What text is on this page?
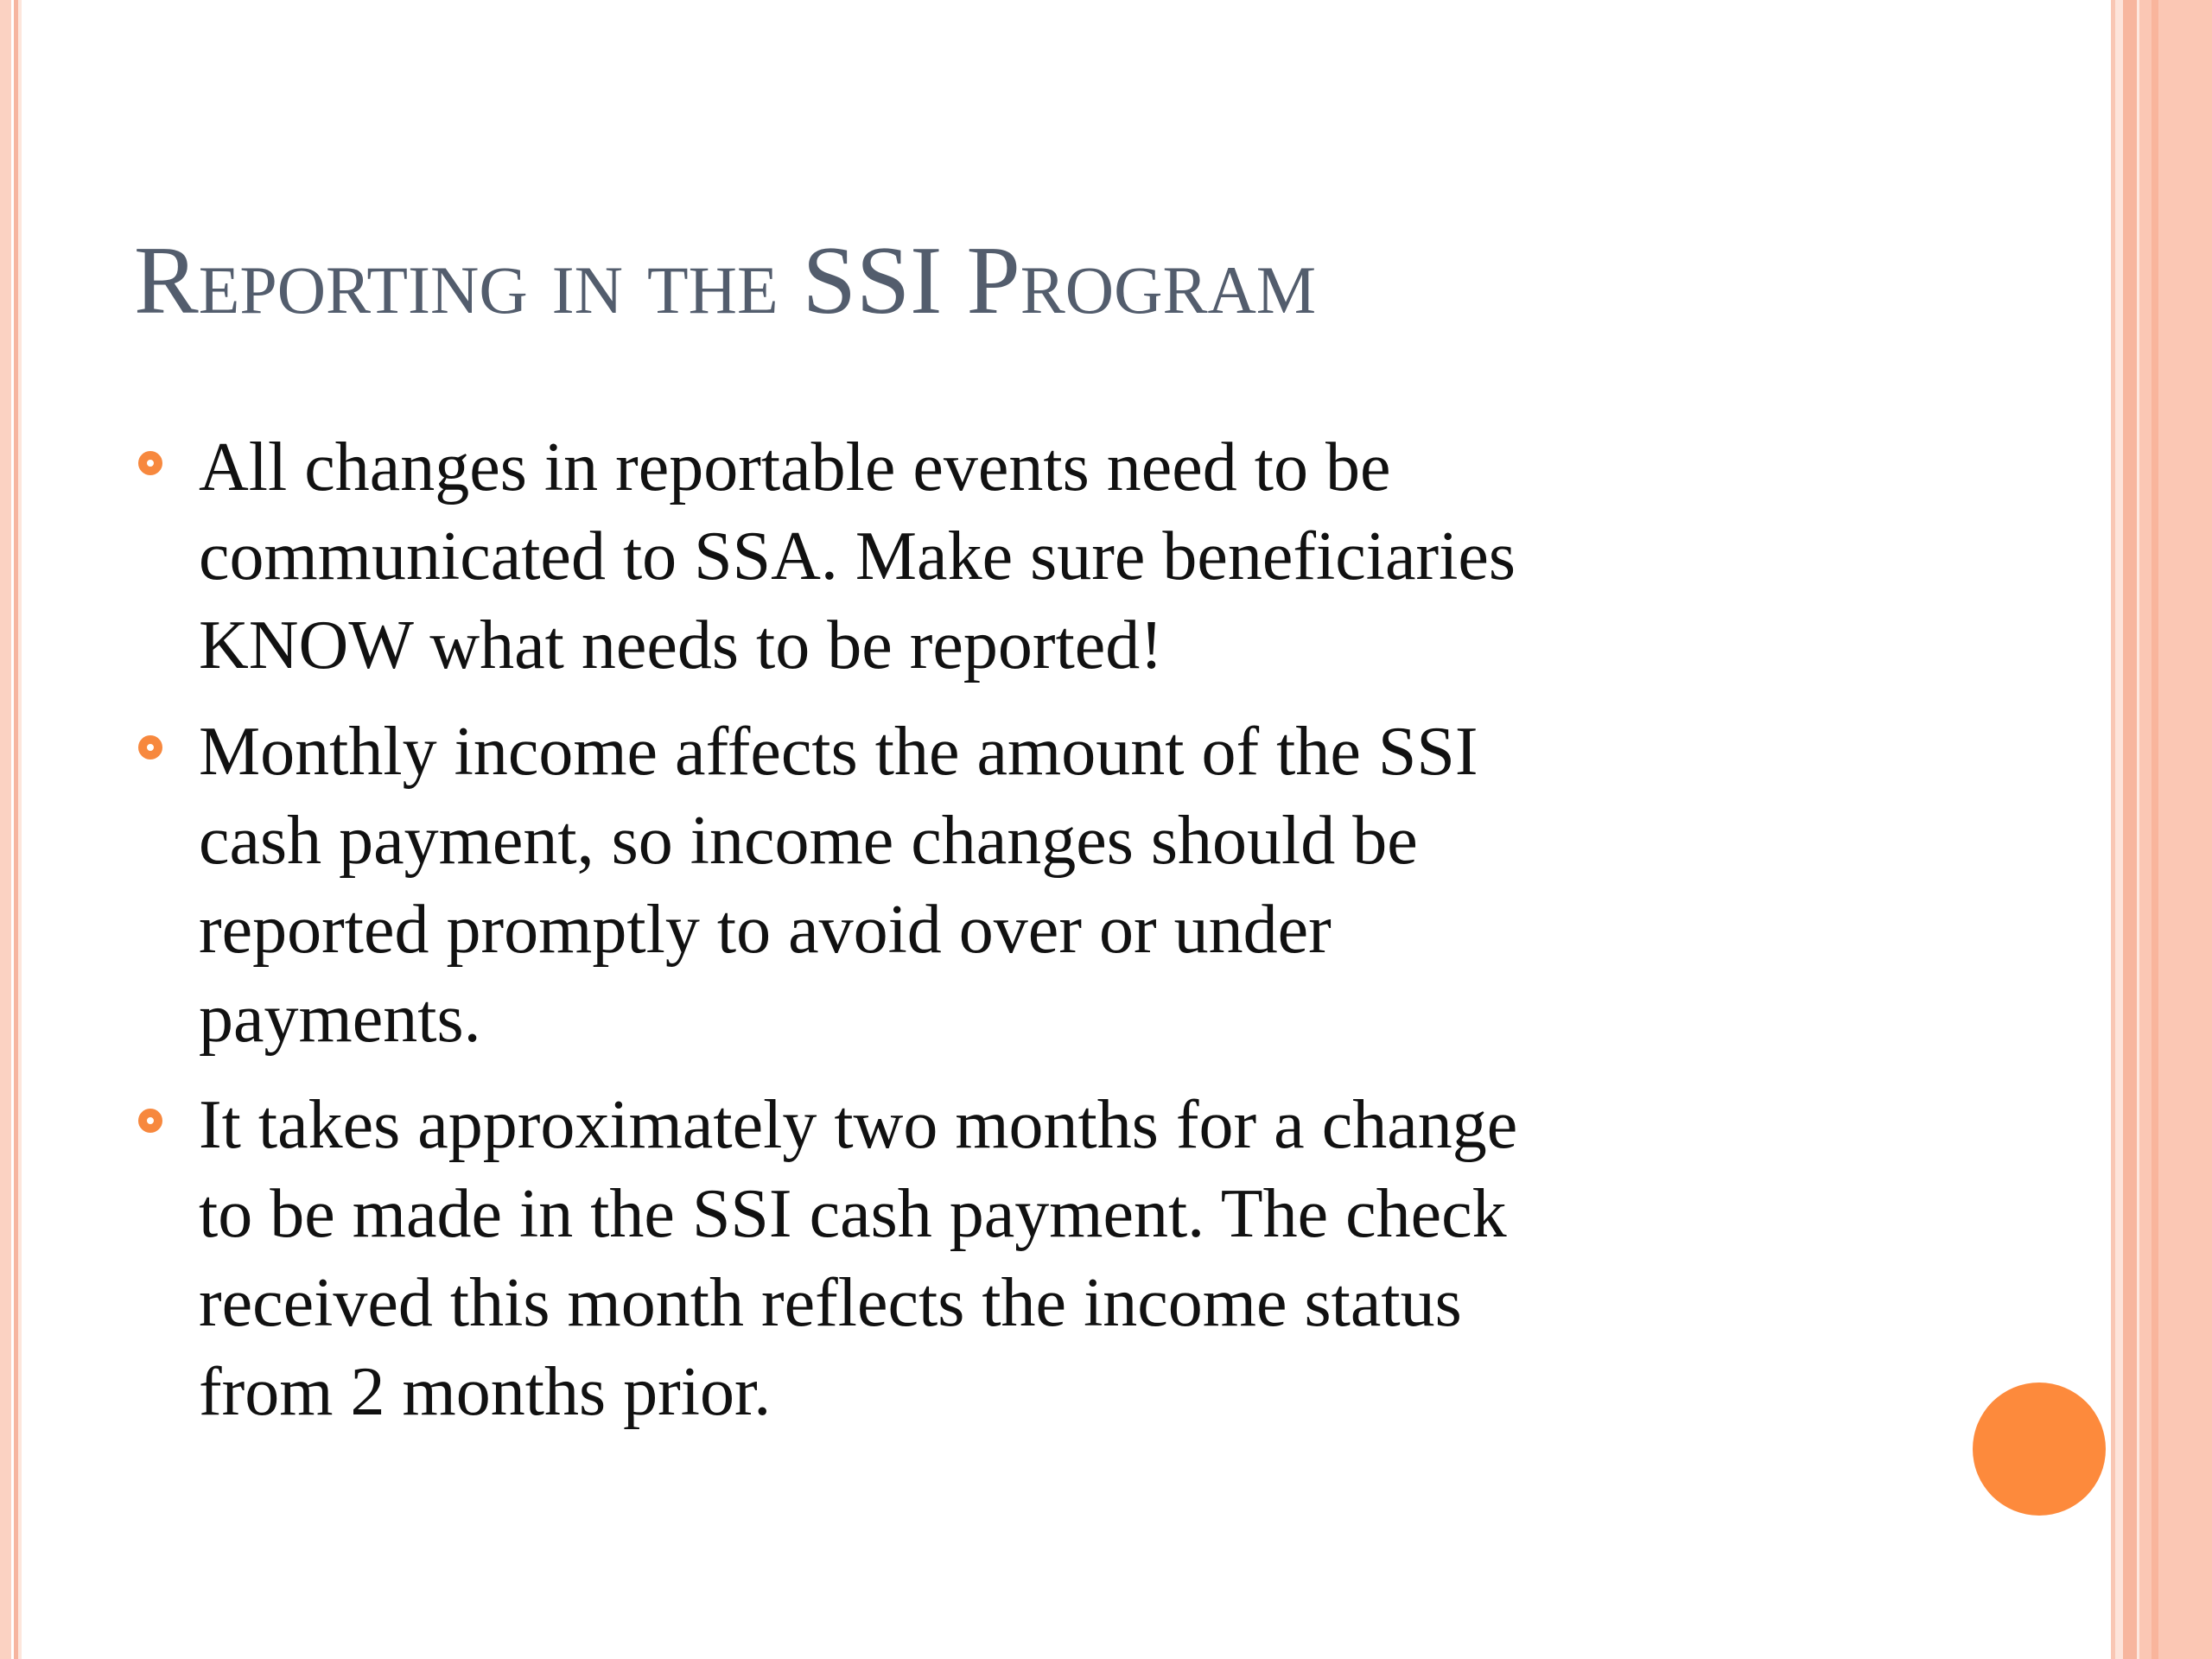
Reporting in the SSI Program
All changes in reportable events need to be
communicated to SSA. Make sure beneficiaries
KNOW what needs to be reported!
Monthly income affects the amount of the SSI
cash payment, so income changes should be
reported promptly to avoid over or under
payments.
It takes approximately two months for a change
to be made in the SSI cash payment. The check
received this month reflects the income status
from 2 months prior.
